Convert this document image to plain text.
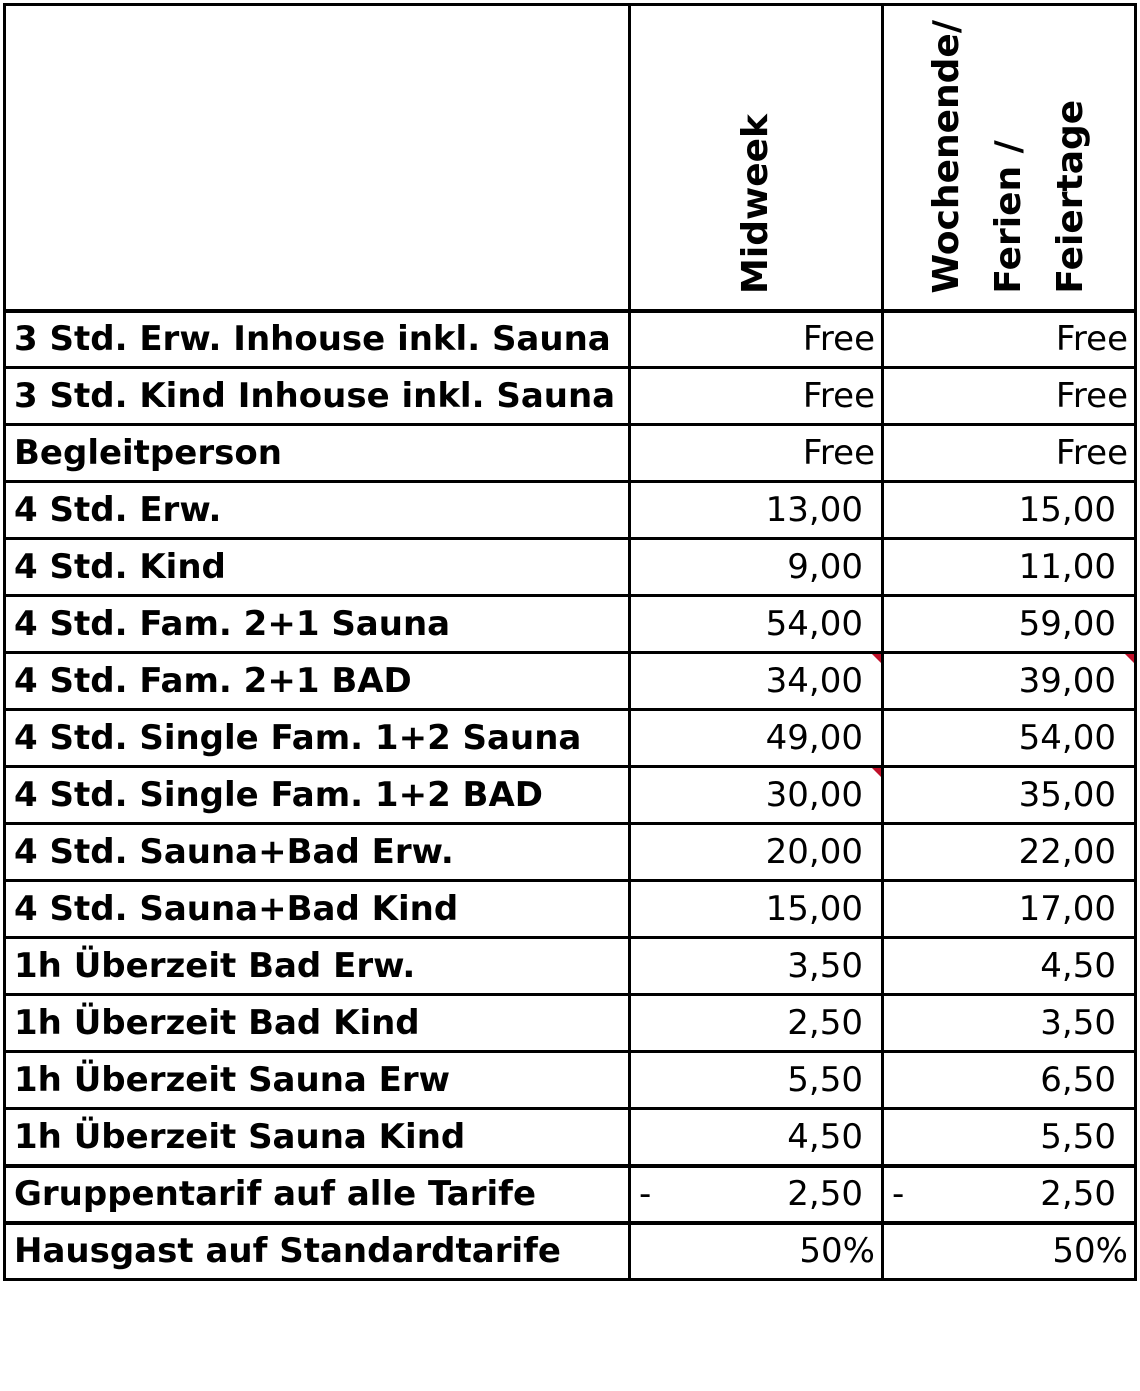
	Midweek	Wochenende/
Ferien /
Feiertage
3 Std. Erw. Inhouse inkl. Sauna	Free	Free
3 Std. Kind Inhouse inkl. Sauna	Free	Free
Begleitperson	Free	Free
4 Std. Erw.	13,00	15,00
4 Std. Kind	9,00	11,00
4 Std. Fam. 2+1 Sauna	54,00	59,00
4 Std. Fam. 2+1 BAD	34,00	39,00

4 Std. Single Fam. 1+2 Sauna	49,00	54,00
4 Std. Single Fam. 1+2 BAD	30,00	35,00
4 Std. Sauna+Bad Erw.	20,00	22,00
4 Std. Sauna+Bad Kind	15,00	17,00
1h Überzeit Bad Erw.	3,50	4,50
1h Überzeit Bad Kind	2,50	3,50
1h Überzeit Sauna Erw	5,50	6,50
1h Überzeit Sauna Kind	4,50	5,50
Gruppentarif auf alle Tarife	- 2,50	- 2,50
Hausgast auf Standardtarife	50%	50%
